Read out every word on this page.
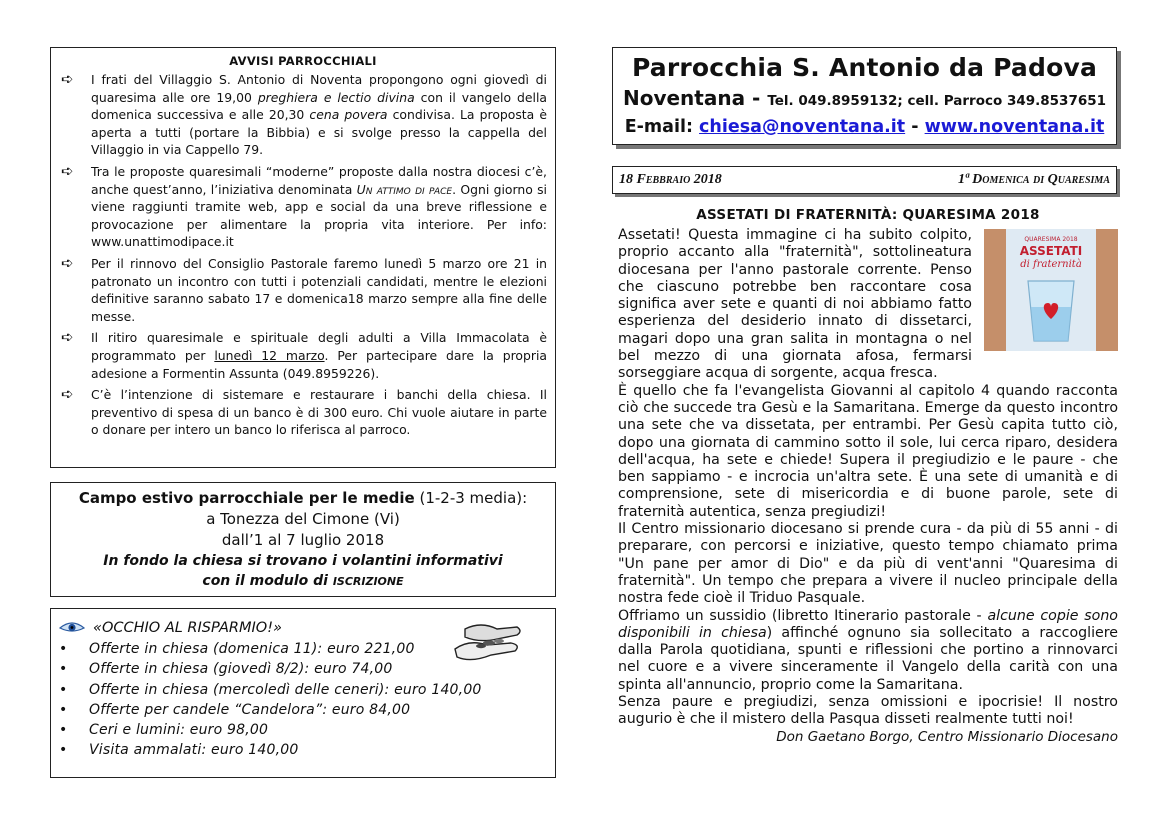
AVVISI PARROCCHIALI
➪	I frati del Villaggio S. Antonio di Noventa propongono ogni giovedì di quaresima alle ore 19,00 preghiera e lectio divina con il vangelo della domenica successiva e alle 20,30 cena povera condivisa. La proposta è aperta a tutti (portare la Bibbia) e si svolge presso la cappella del Villaggio in via Cappello 79.
➪	Tra le proposte quaresimali “moderne” proposte dalla nostra diocesi c’è, anche quest’anno, l’iniziativa denominata Un attimo di pace. Ogni giorno si viene raggiunti tramite web, app e social da una breve riflessione e provocazione per alimentare la propria vita interiore. Per info: www.unattimodipace.it
➪	Per il rinnovo del Consiglio Pastorale faremo lunedì 5 marzo ore 21 in patronato un incontro con tutti i potenziali candidati, mentre le elezioni definitive saranno sabato 17 e domenica18 marzo sempre alla fine delle messe.
➪	Il ritiro quaresimale e spirituale degli adulti a Villa Immacolata è programmato per lunedì 12 marzo. Per partecipare dare la propria adesione a Formentin Assunta (049.8959226).
➪	C’è l’intenzione di sistemare e restaurare i banchi della chiesa. Il preventivo di spesa di un banco è di 300 euro. Chi vuole aiutare in parte o donare per intero un banco lo riferisca al parroco.
Campo estivo parrocchiale per le medie (1-2-3 media):
a Tonezza del Cimone (Vi)
dall’1 al 7 luglio 2018
In fondo la chiesa si trovano i volantini informativi
con il modulo di ISCRIZIONE
«OCCHIO AL RISPARMIO!»
• Offerte in chiesa (domenica 11): euro 221,00
• Offerte in chiesa (giovedì 8/2): euro 74,00
• Offerte in chiesa (mercoledì delle ceneri): euro 140,00
• Offerte per candele “Candelora”: euro 84,00
• Ceri e lumini: euro 98,00
• Visita ammalati: euro 140,00
Parrocchia S. Antonio da Padova
Noventana - Tel. 049.8959132; cell. Parroco 349.8537651
E-mail: chiesa@noventana.it - www.noventana.it
18 Febbraio 2018	1ª Domenica di Quaresima
ASSETATI DI FRATERNITÀ: QUARESIMA 2018
QUARESIMA 2018
ASSETATI
di fraternità

Assetati! Questa immagine ci ha subito colpito, proprio accanto alla "fraternità", sottolineatura diocesana per l'anno pastorale corrente. Penso che ciascuno potrebbe ben raccontare cosa significa aver sete e quanti di noi abbiamo fatto esperienza del desiderio innato di dissetarci, magari dopo una gran salita in montagna o nel bel mezzo di una giornata afosa, fermarsi sorseggiare acqua di sorgente, acqua fresca.

È quello che fa l'evangelista Giovanni al capitolo 4 quando racconta ciò che succede tra Gesù e la Samaritana. Emerge da questo incontro una sete che va dissetata, per entrambi. Per Gesù capita tutto ciò, dopo una giornata di cammino sotto il sole, lui cerca riparo, desidera dell'acqua, ha sete e chiede! Supera il pregiudizio e le paure - che ben sappiamo - e incrocia un'altra sete. È una sete di umanità e di comprensione, sete di misericordia e di buone parole, sete di fraternità autentica, senza pregiudizi!

Il Centro missionario diocesano si prende cura - da più di 55 anni - di preparare, con percorsi e iniziative, questo tempo chiamato prima "Un pane per amor di Dio" e da più di vent'anni "Quaresima di fraternità". Un tempo che prepara a vivere il nucleo principale della nostra fede cioè il Triduo Pasquale.

Offriamo un sussidio (libretto Itinerario pastorale - alcune copie sono disponibili in chiesa) affinché ognuno sia sollecitato a raccogliere dalla Parola quotidiana, spunti e riflessioni che portino a rinnovarci nel cuore e a vivere sinceramente il Vangelo della carità con una spinta all'annuncio, proprio come la Samaritana.

Senza paure e pregiudizi, senza omissioni e ipocrisie! Il nostro augurio è che il mistero della Pasqua disseti realmente tutti noi!

Don Gaetano Borgo, Centro Missionario Diocesano
